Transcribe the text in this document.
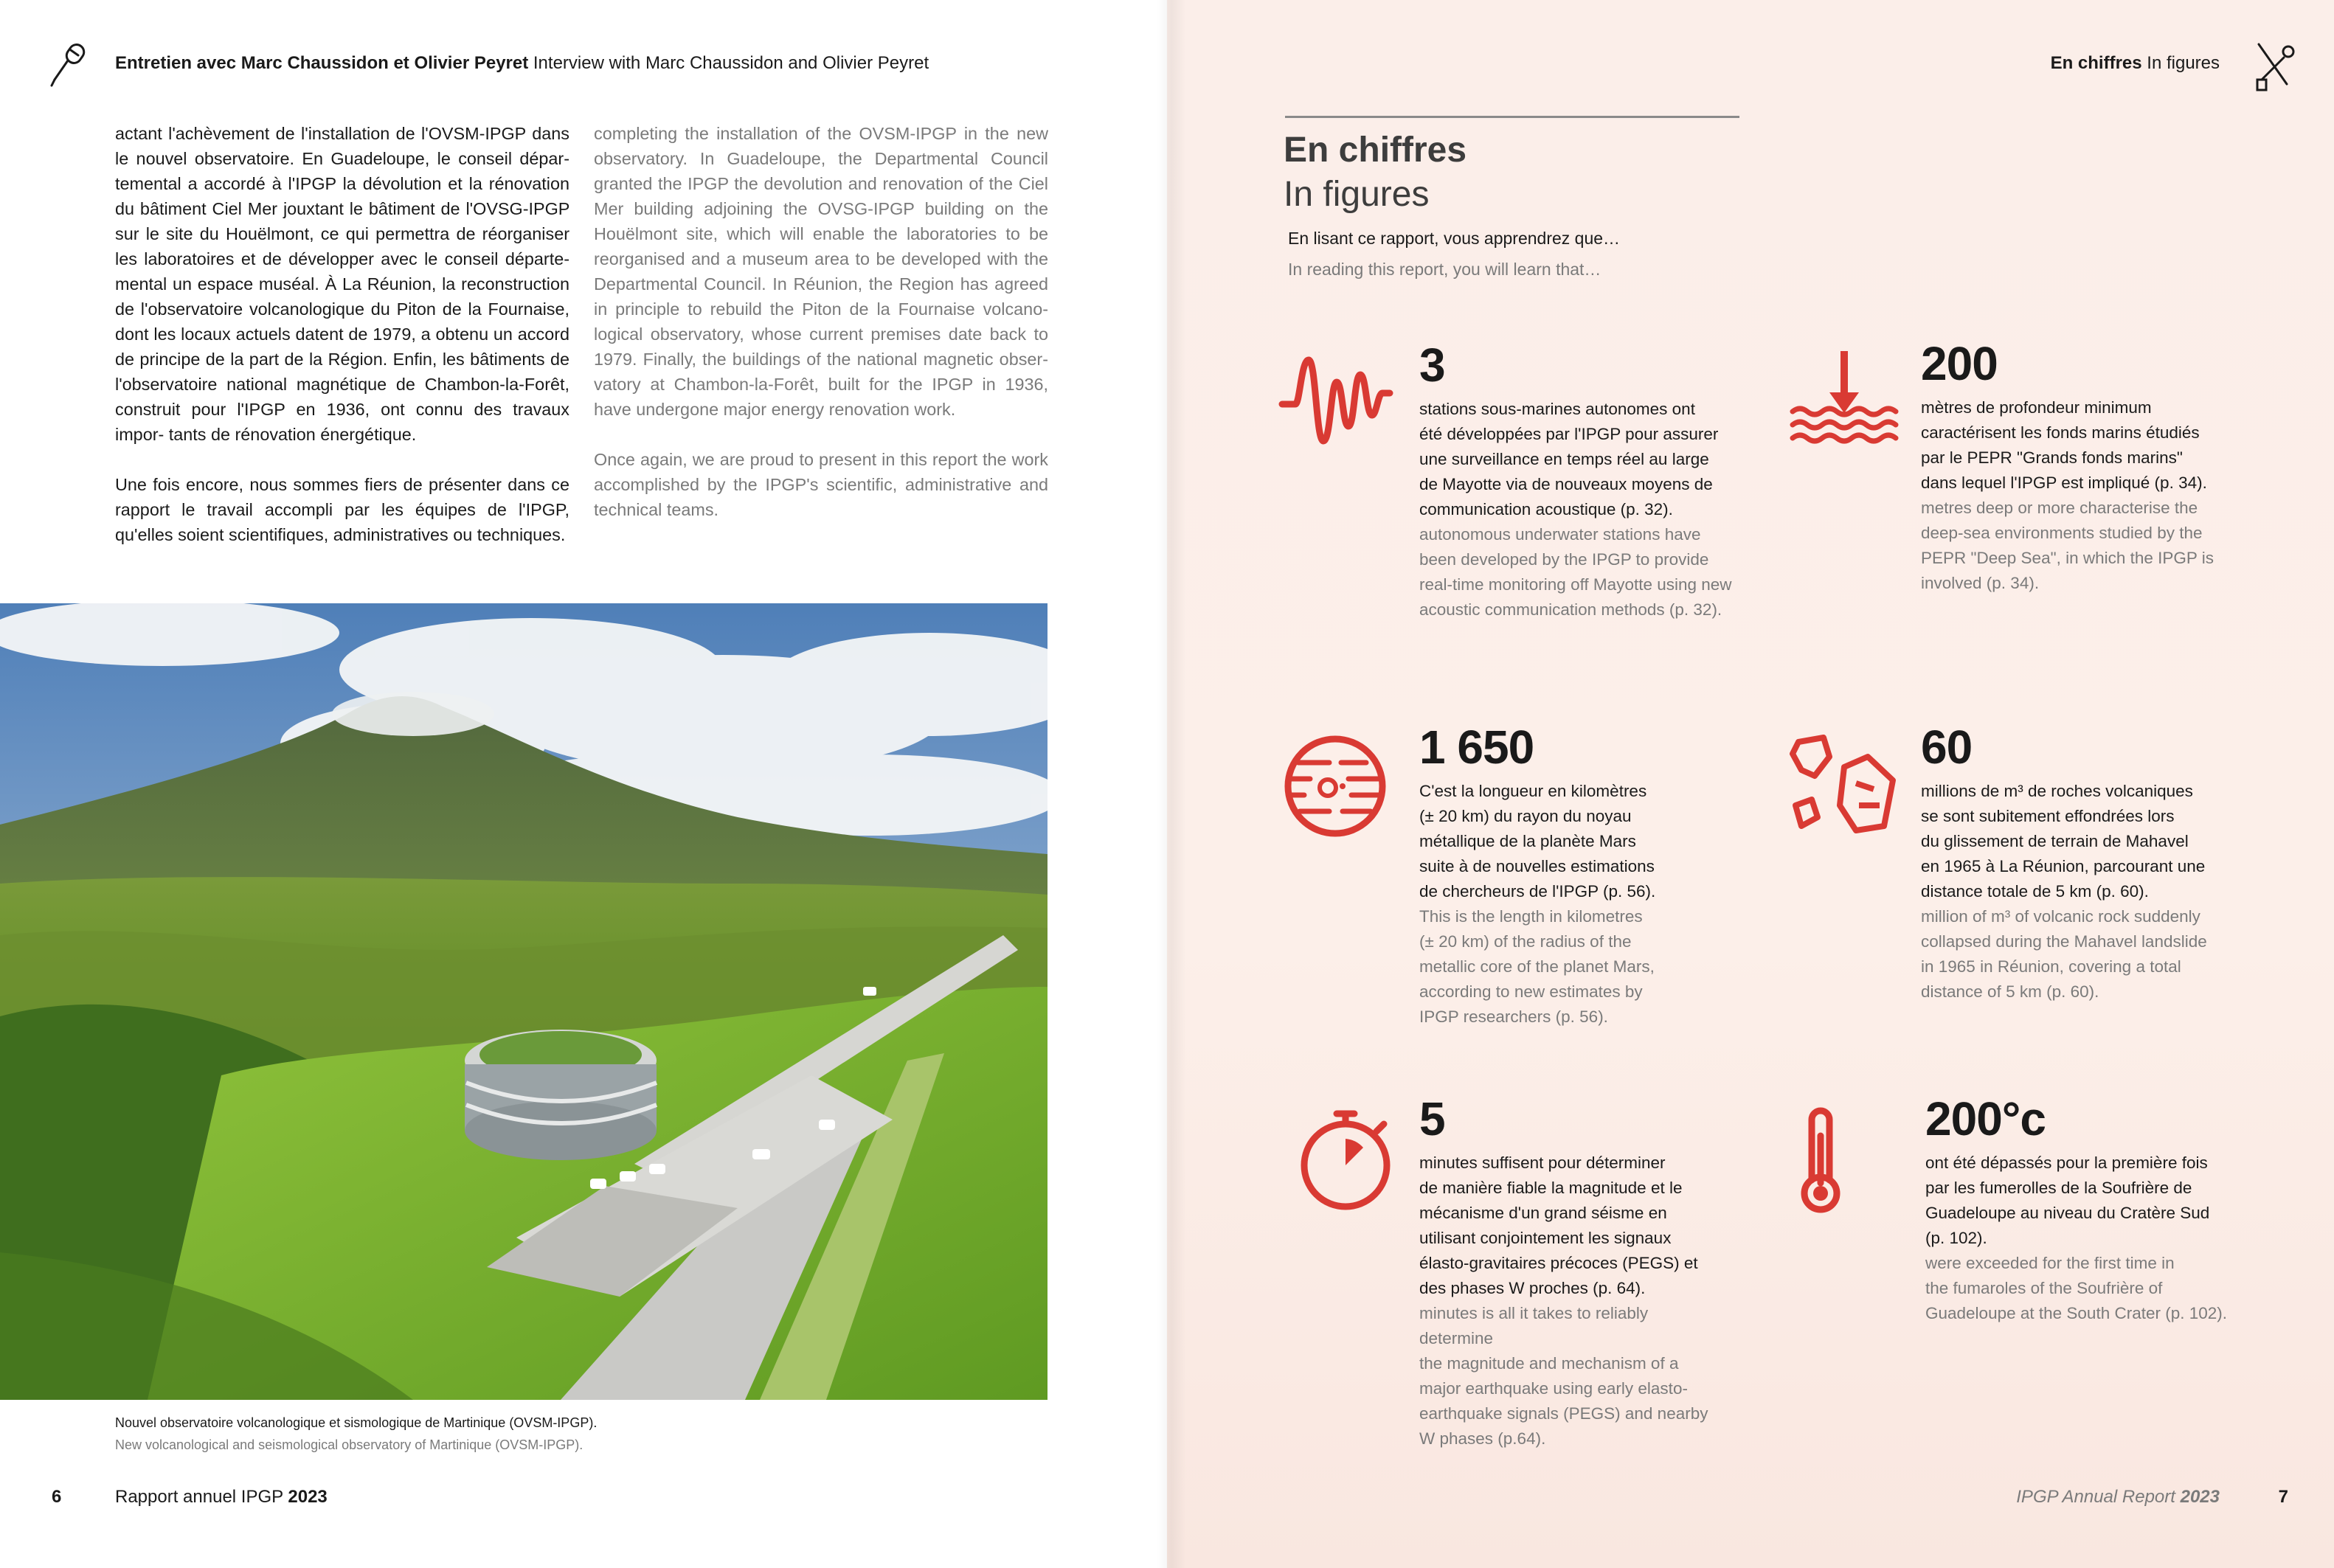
Entretien avec Marc Chaussidon et Olivier Peyret Interview with Marc Chaussidon and Olivier Peyret

actant l'achèvement de l'installation de l'OVSM-IPGP dans le nouvel observatoire. En Guadeloupe, le conseil dépar- temental a accordé à l'IPGP la dévolution et la rénovation du bâtiment Ciel Mer jouxtant le bâtiment de l'OVSG-IPGP sur le site du Houëlmont, ce qui permettra de réorganiser les laboratoires et de développer avec le conseil départe- mental un espace muséal. À La Réunion, la reconstruction de l'observatoire volcanologique du Piton de la Fournaise, dont les locaux actuels datent de 1979, a obtenu un accord de principe de la part de la Région. Enfin, les bâtiments de l'observatoire national magnétique de Chambon-la-Forêt, construit pour l'IPGP en 1936, ont connu des travaux impor- tants de rénovation énergétique.

Une fois encore, nous sommes fiers de présenter dans ce rapport le travail accompli par les équipes de l'IPGP, qu'elles soient scientifiques, administratives ou techniques.

completing the installation of the OVSM-IPGP in the new observatory. In Guadeloupe, the Departmental Council granted the IPGP the devolution and renovation of the Ciel Mer building adjoining the OVSG-IPGP building on the Houëlmont site, which will enable the laboratories to be reorganised and a museum area to be developed with the Departmental Council. In Réunion, the Region has agreed in principle to rebuild the Piton de la Fournaise volcano- logical observatory, whose current premises date back to 1979. Finally, the buildings of the national magnetic obser- vatory at Chambon-la-Forêt, built for the IPGP in 1936, have undergone major energy renovation work.

Once again, we are proud to present in this report the work accomplished by the IPGP's scientific, administrative and technical teams.

Nouvel observatoire volcanologique et sismologique de Martinique (OVSM-IPGP).
New volcanological and seismological observatory of Martinique (OVSM-IPGP).
6	Rapport annuel IPGP 2023
En chiffres In figures
En chiffres
In figures
En lisant ce rapport, vous apprendrez que…
In reading this report, you will learn that…
3
stations sous-marines autonomes ont
été développées par l'IPGP pour assurer
une surveillance en temps réel au large
de Mayotte via de nouveaux moyens de
communication acoustique (p. 32).
autonomous underwater stations have
been developed by the IPGP to provide
real-time monitoring off Mayotte using new
acoustic communication methods (p. 32).
200
mètres de profondeur minimum
caractérisent les fonds marins étudiés
par le PEPR "Grands fonds marins"
dans lequel l'IPGP est impliqué (p. 34).
metres deep or more characterise the
deep-sea environments studied by the
PEPR "Deep Sea", in which the IPGP is
involved (p. 34).
1 650
C'est la longueur en kilomètres
(± 20 km) du rayon du noyau
métallique de la planète Mars
suite à de nouvelles estimations
de chercheurs de l'IPGP (p. 56).
This is the length in kilometres
(± 20 km) of the radius of the
metallic core of the planet Mars,
according to new estimates by
IPGP researchers (p. 56).
60
millions de m³ de roches volcaniques
se sont subitement effondrées lors
du glissement de terrain de Mahavel
en 1965 à La Réunion, parcourant une
distance totale de 5 km (p. 60).
million of m³ of volcanic rock suddenly
collapsed during the Mahavel landslide
in 1965 in Réunion, covering a total
distance of 5 km (p. 60).
5
minutes suffisent pour déterminer
de manière fiable la magnitude et le
mécanisme d'un grand séisme en
utilisant conjointement les signaux
élasto-gravitaires précoces (PEGS) et
des phases W proches (p. 64).
minutes is all it takes to reliably determine
the magnitude and mechanism of a
major earthquake using early elasto-
earthquake signals (PEGS) and nearby
W phases (p.64).
200°c
ont été dépassés pour la première fois
par les fumerolles de la Soufrière de
Guadeloupe au niveau du Cratère Sud
(p. 102).
were exceeded for the first time in
the fumaroles of the Soufrière of
Guadeloupe at the South Crater (p. 102).
IPGP Annual Report 2023	7
